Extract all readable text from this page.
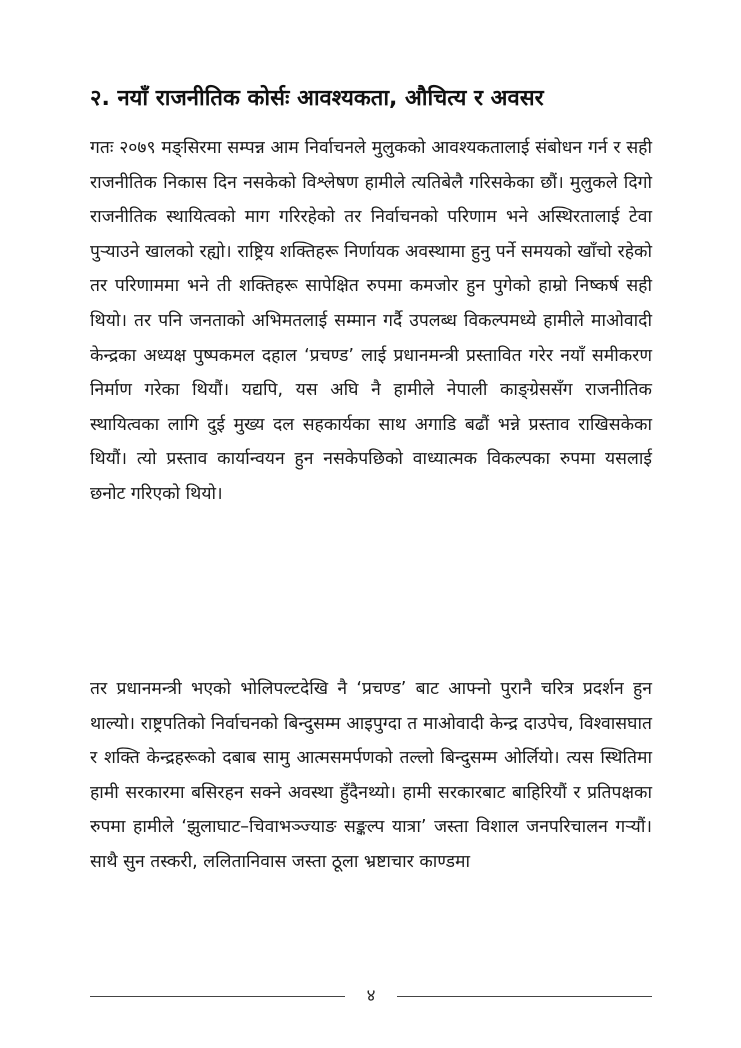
२. नयाँ राजनीतिक कोर्सः आवश्यकता, औचित्य र अवसर

गतः २०७९ मङ्सिरमा सम्पन्न आम निर्वाचनले मुलुकको आवश्यकतालाई संबोधन गर्न र सही राजनीतिक निकास दिन नसकेको विश्लेषण हामीले त्यतिबेलै गरिसकेका छौं। मुलुकले दिगो राजनीतिक स्थायित्वको माग गरिरहेको तर निर्वाचनको परिणाम भने अस्थिरतालाई टेवा पुऱ्याउने खालको रह्यो। राष्ट्रिय शक्तिहरू निर्णायक अवस्थामा हुनु पर्ने समयको खाँचो रहेको तर परिणाममा भने ती शक्तिहरू सापेक्षित रुपमा कमजोर हुन पुगेको हाम्रो निष्कर्ष सही थियो। तर पनि जनताको अभिमतलाई सम्मान गर्दै उपलब्ध विकल्पमध्ये हामीले माओवादी केन्द्रका अध्यक्ष पुष्पकमल दहाल ‘प्रचण्ड’ लाई प्रधानमन्त्री प्रस्तावित गरेर नयाँ समीकरण निर्माण गरेका थियौं। यद्यपि, यस अघि नै हामीले नेपाली काङ्ग्रेससँग राजनीतिक स्थायित्वका लागि दुई मुख्य दल सहकार्यका साथ अगाडि बढौं भन्ने प्रस्ताव राखिसकेका थियौं। त्यो प्रस्ताव कार्यान्वयन हुन नसकेपछिको वाध्यात्मक विकल्पका रुपमा यसलाई छनोट गरिएको थियो।

तर प्रधानमन्त्री भएको भोलिपल्टदेखि नै ‘प्रचण्ड’ बाट आफ्नो पुरानै चरित्र प्रदर्शन हुन थाल्यो। राष्ट्रपतिको निर्वाचनको बिन्दुसम्म आइपुग्दा त माओवादी केन्द्र दाउपेच, विश्वासघात र शक्ति केन्द्रहरूको दबाब सामु आत्मसमर्पणको तल्लो बिन्दुसम्म ओर्लियो। त्यस स्थितिमा हामी सरकारमा बसिरहन सक्ने अवस्था हुँदैनथ्यो। हामी सरकारबाट बाहिरियौं र प्रतिपक्षका रुपमा हामीले ‘झुलाघाट–चिवाभञ्ज्याङ सङ्कल्प यात्रा’ जस्ता विशाल जनपरिचालन गऱ्यौं। साथै सुन तस्करी, ललितानिवास जस्ता ठूला भ्रष्टाचार काण्डमा

४
